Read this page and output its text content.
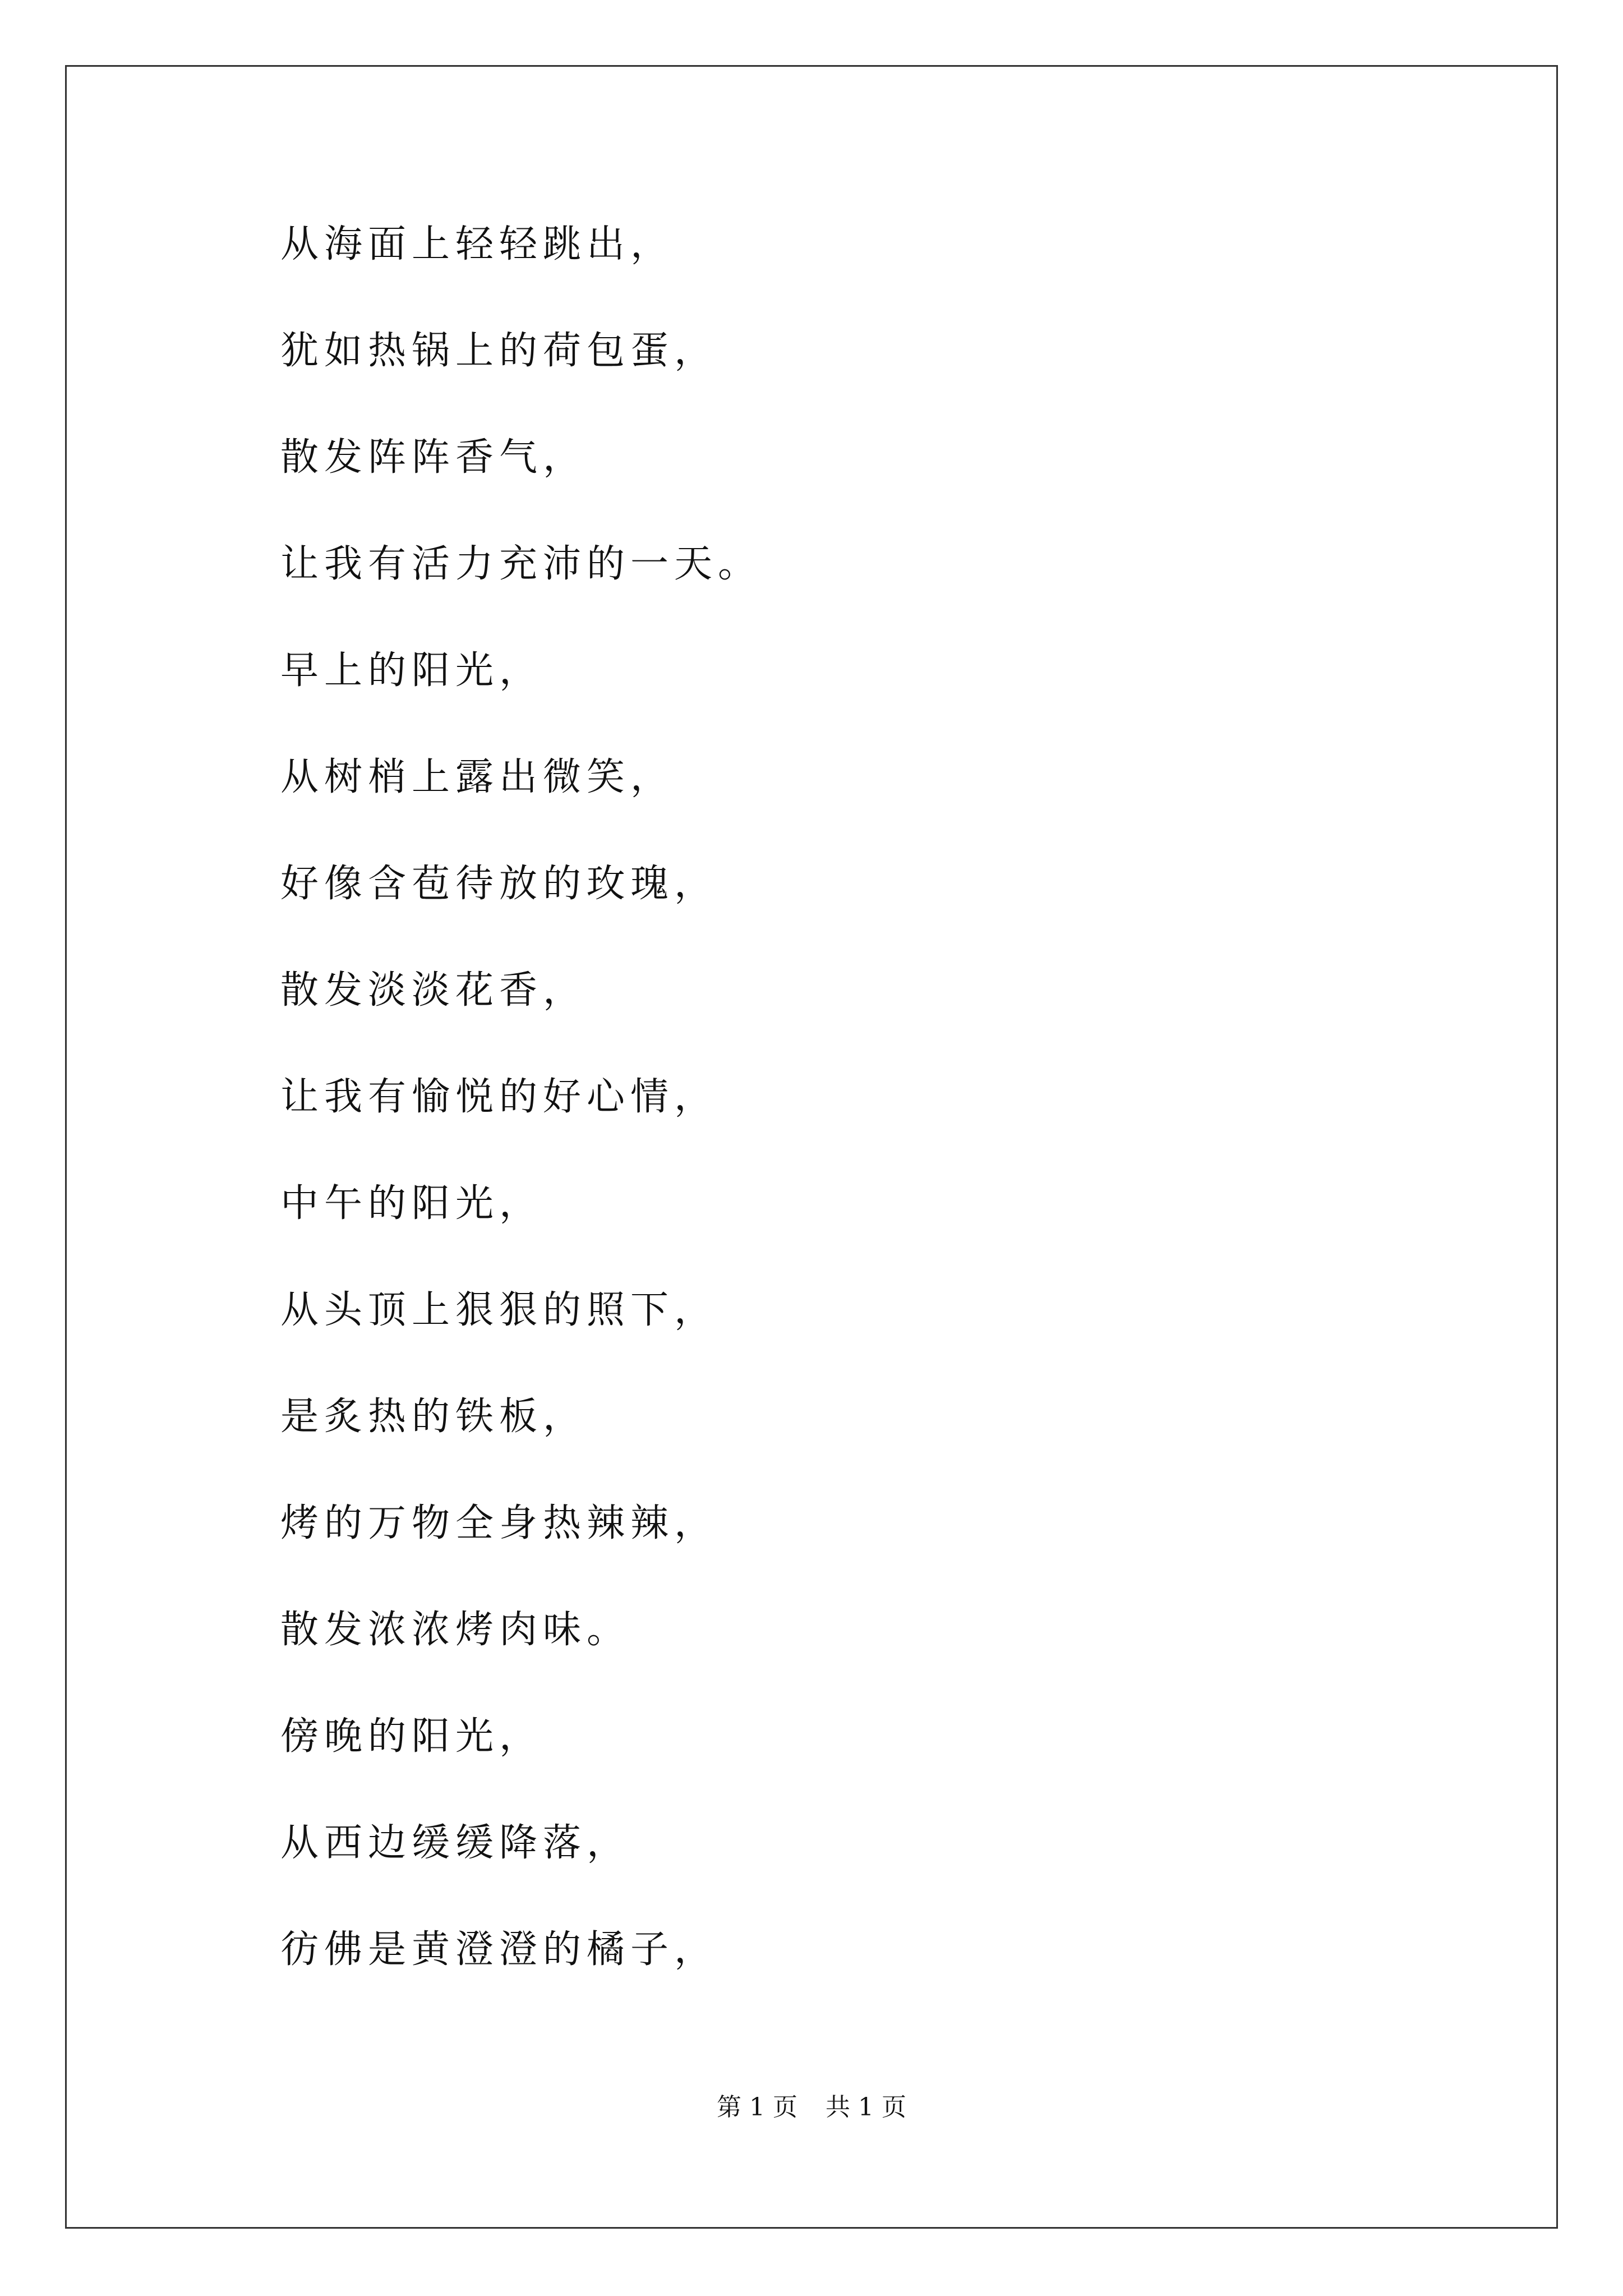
从海面上轻轻跳出，
犹如热锅上的荷包蛋，
散发阵阵香气，
让我有活力充沛的一天。
早上的阳光，
从树梢上露出微笑，
好像含苞待放的玫瑰，
散发淡淡花香，
让我有愉悦的好心情，
中午的阳光，
从头顶上狠狠的照下，
是炙热的铁板，
烤的万物全身热辣辣，
散发浓浓烤肉味。
傍晚的阳光，
从西边缓缓降落，
彷佛是黄澄澄的橘子，
第 1 页 共 1 页
